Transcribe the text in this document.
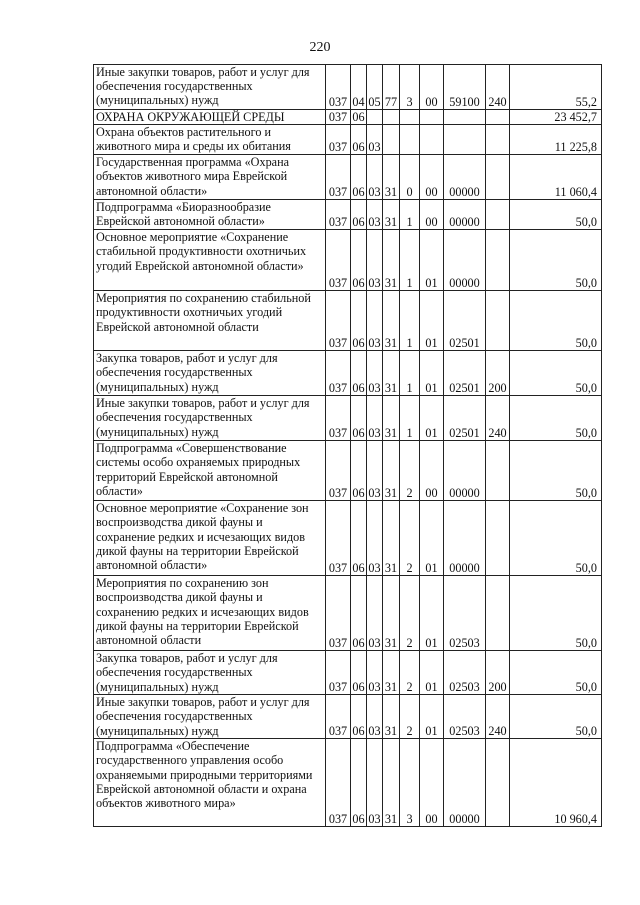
220
Иные закупки товаров, работ и услуг для обеспечения государственных (муниципальных) нужд	037	04	05	77	3	00	59100	240	55,2
ОХРАНА ОКРУЖАЮЩЕЙ СРЕДЫ	037	06							23 452,7
Охрана объектов растительного и животного мира и среды их обитания	037	06	03						11 225,8
Государственная программа «Охрана объектов животного мира Еврейской автономной области»	037	06	03	31	0	00	00000		11 060,4
Подпрограмма «Биоразнообразие Еврейской автономной области»	037	06	03	31	1	00	00000		50,0
Основное мероприятие «Сохранение стабильной продуктивности охотничьих угодий Еврейской автономной области»	037	06	03	31	1	01	00000		50,0
Мероприятия по сохранению стабильной продуктивности охотничьих угодий Еврейской автономной области	037	06	03	31	1	01	02501		50,0
Закупка товаров, работ и услуг для обеспечения государственных (муниципальных) нужд	037	06	03	31	1	01	02501	200	50,0
Иные закупки товаров, работ и услуг для обеспечения государственных (муниципальных) нужд	037	06	03	31	1	01	02501	240	50,0
Подпрограмма «Совершенствование системы особо охраняемых природных территорий Еврейской автономной области»	037	06	03	31	2	00	00000		50,0
Основное мероприятие «Сохранение зон воспроизводства дикой фауны и сохранение редких и исчезающих видов дикой фауны на территории Еврейской автономной области»	037	06	03	31	2	01	00000		50,0
Мероприятия по сохранению зон воспроизводства дикой фауны и сохранению редких и исчезающих видов дикой фауны на территории Еврейской автономной области	037	06	03	31	2	01	02503		50,0
Закупка товаров, работ и услуг для обеспечения государственных (муниципальных) нужд	037	06	03	31	2	01	02503	200	50,0
Иные закупки товаров, работ и услуг для обеспечения государственных (муниципальных) нужд	037	06	03	31	2	01	02503	240	50,0
Подпрограмма «Обеспечение государственного управления особо охраняемыми природными территориями Еврейской автономной области и охрана объектов животного мира»	037	06	03	31	3	00	00000		10 960,4
